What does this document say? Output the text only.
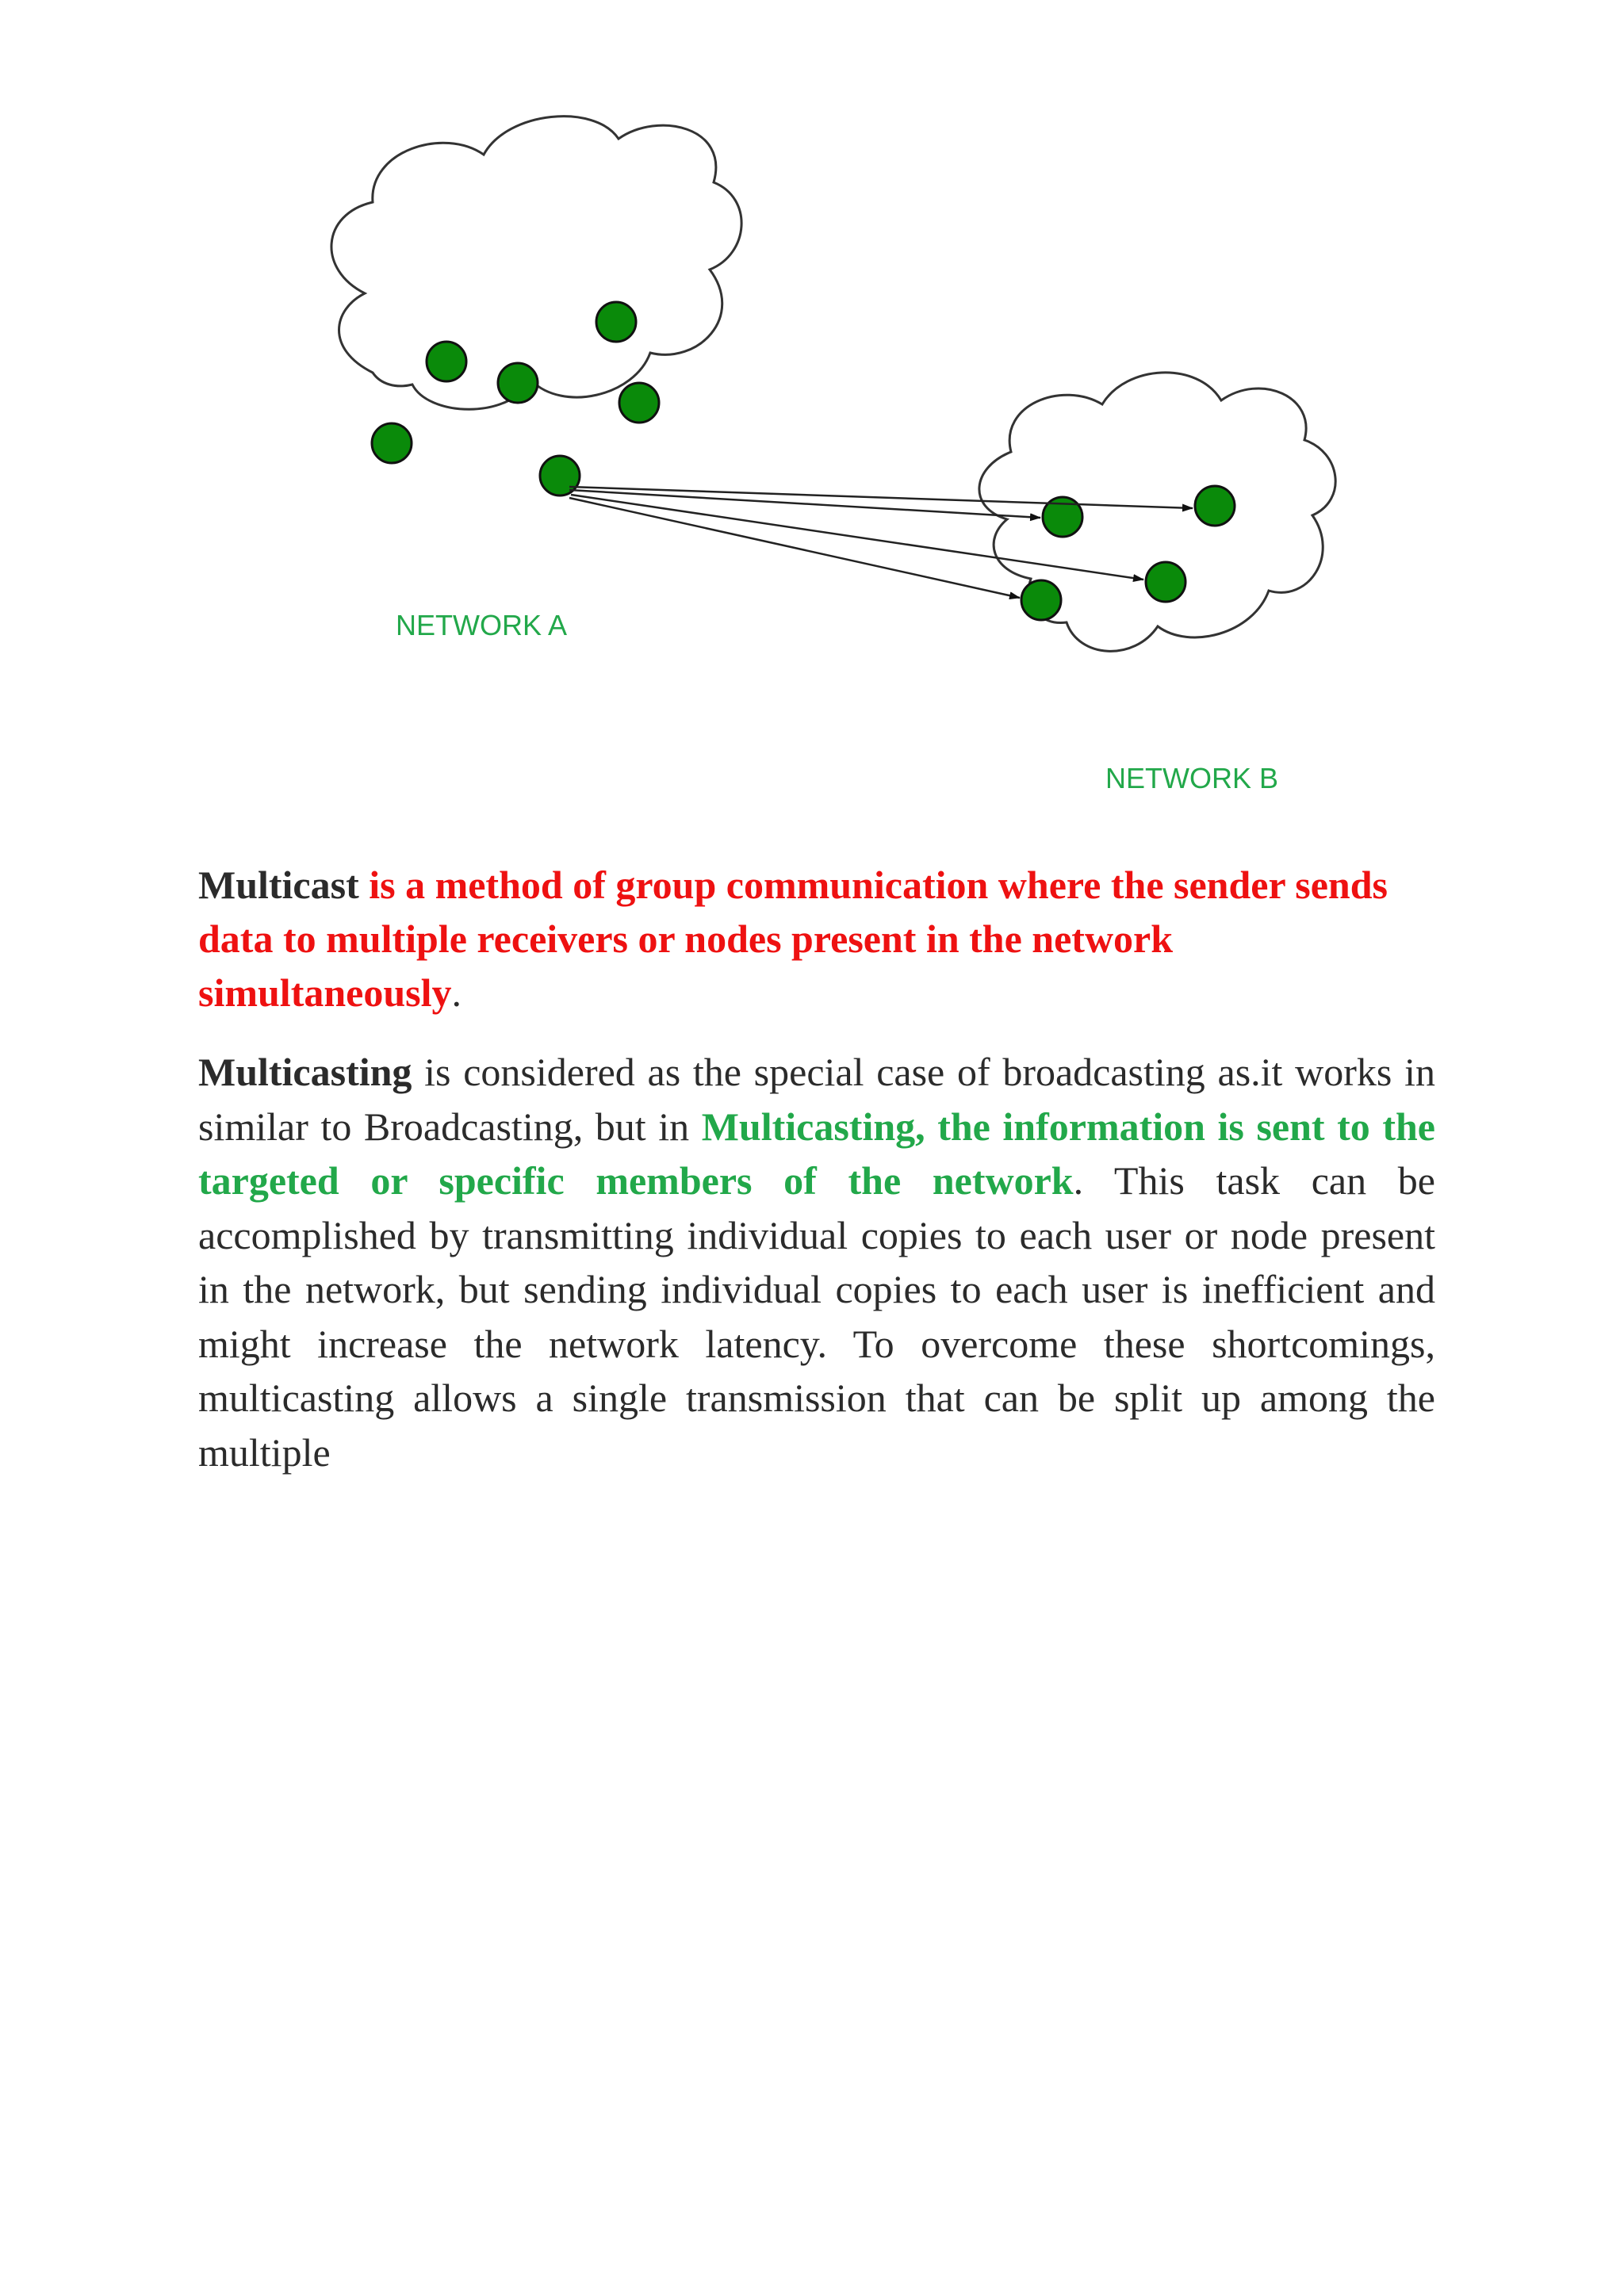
NETWORK A
NETWORK B

Multicast is a method of group communication where the sender sends data to multiple receivers or nodes present in the network simultaneously.

Multicasting is considered as the special case of broadcasting as.it works in similar to Broadcasting, but in Multicasting, the information is sent to the targeted or specific members of the network. This task can be accomplished by transmitting individual copies to each user or node present in the network, but sending individual copies to each user is inefficient and might increase the network latency. To overcome these shortcomings, multicasting allows a single transmission that can be split up among the multiple
